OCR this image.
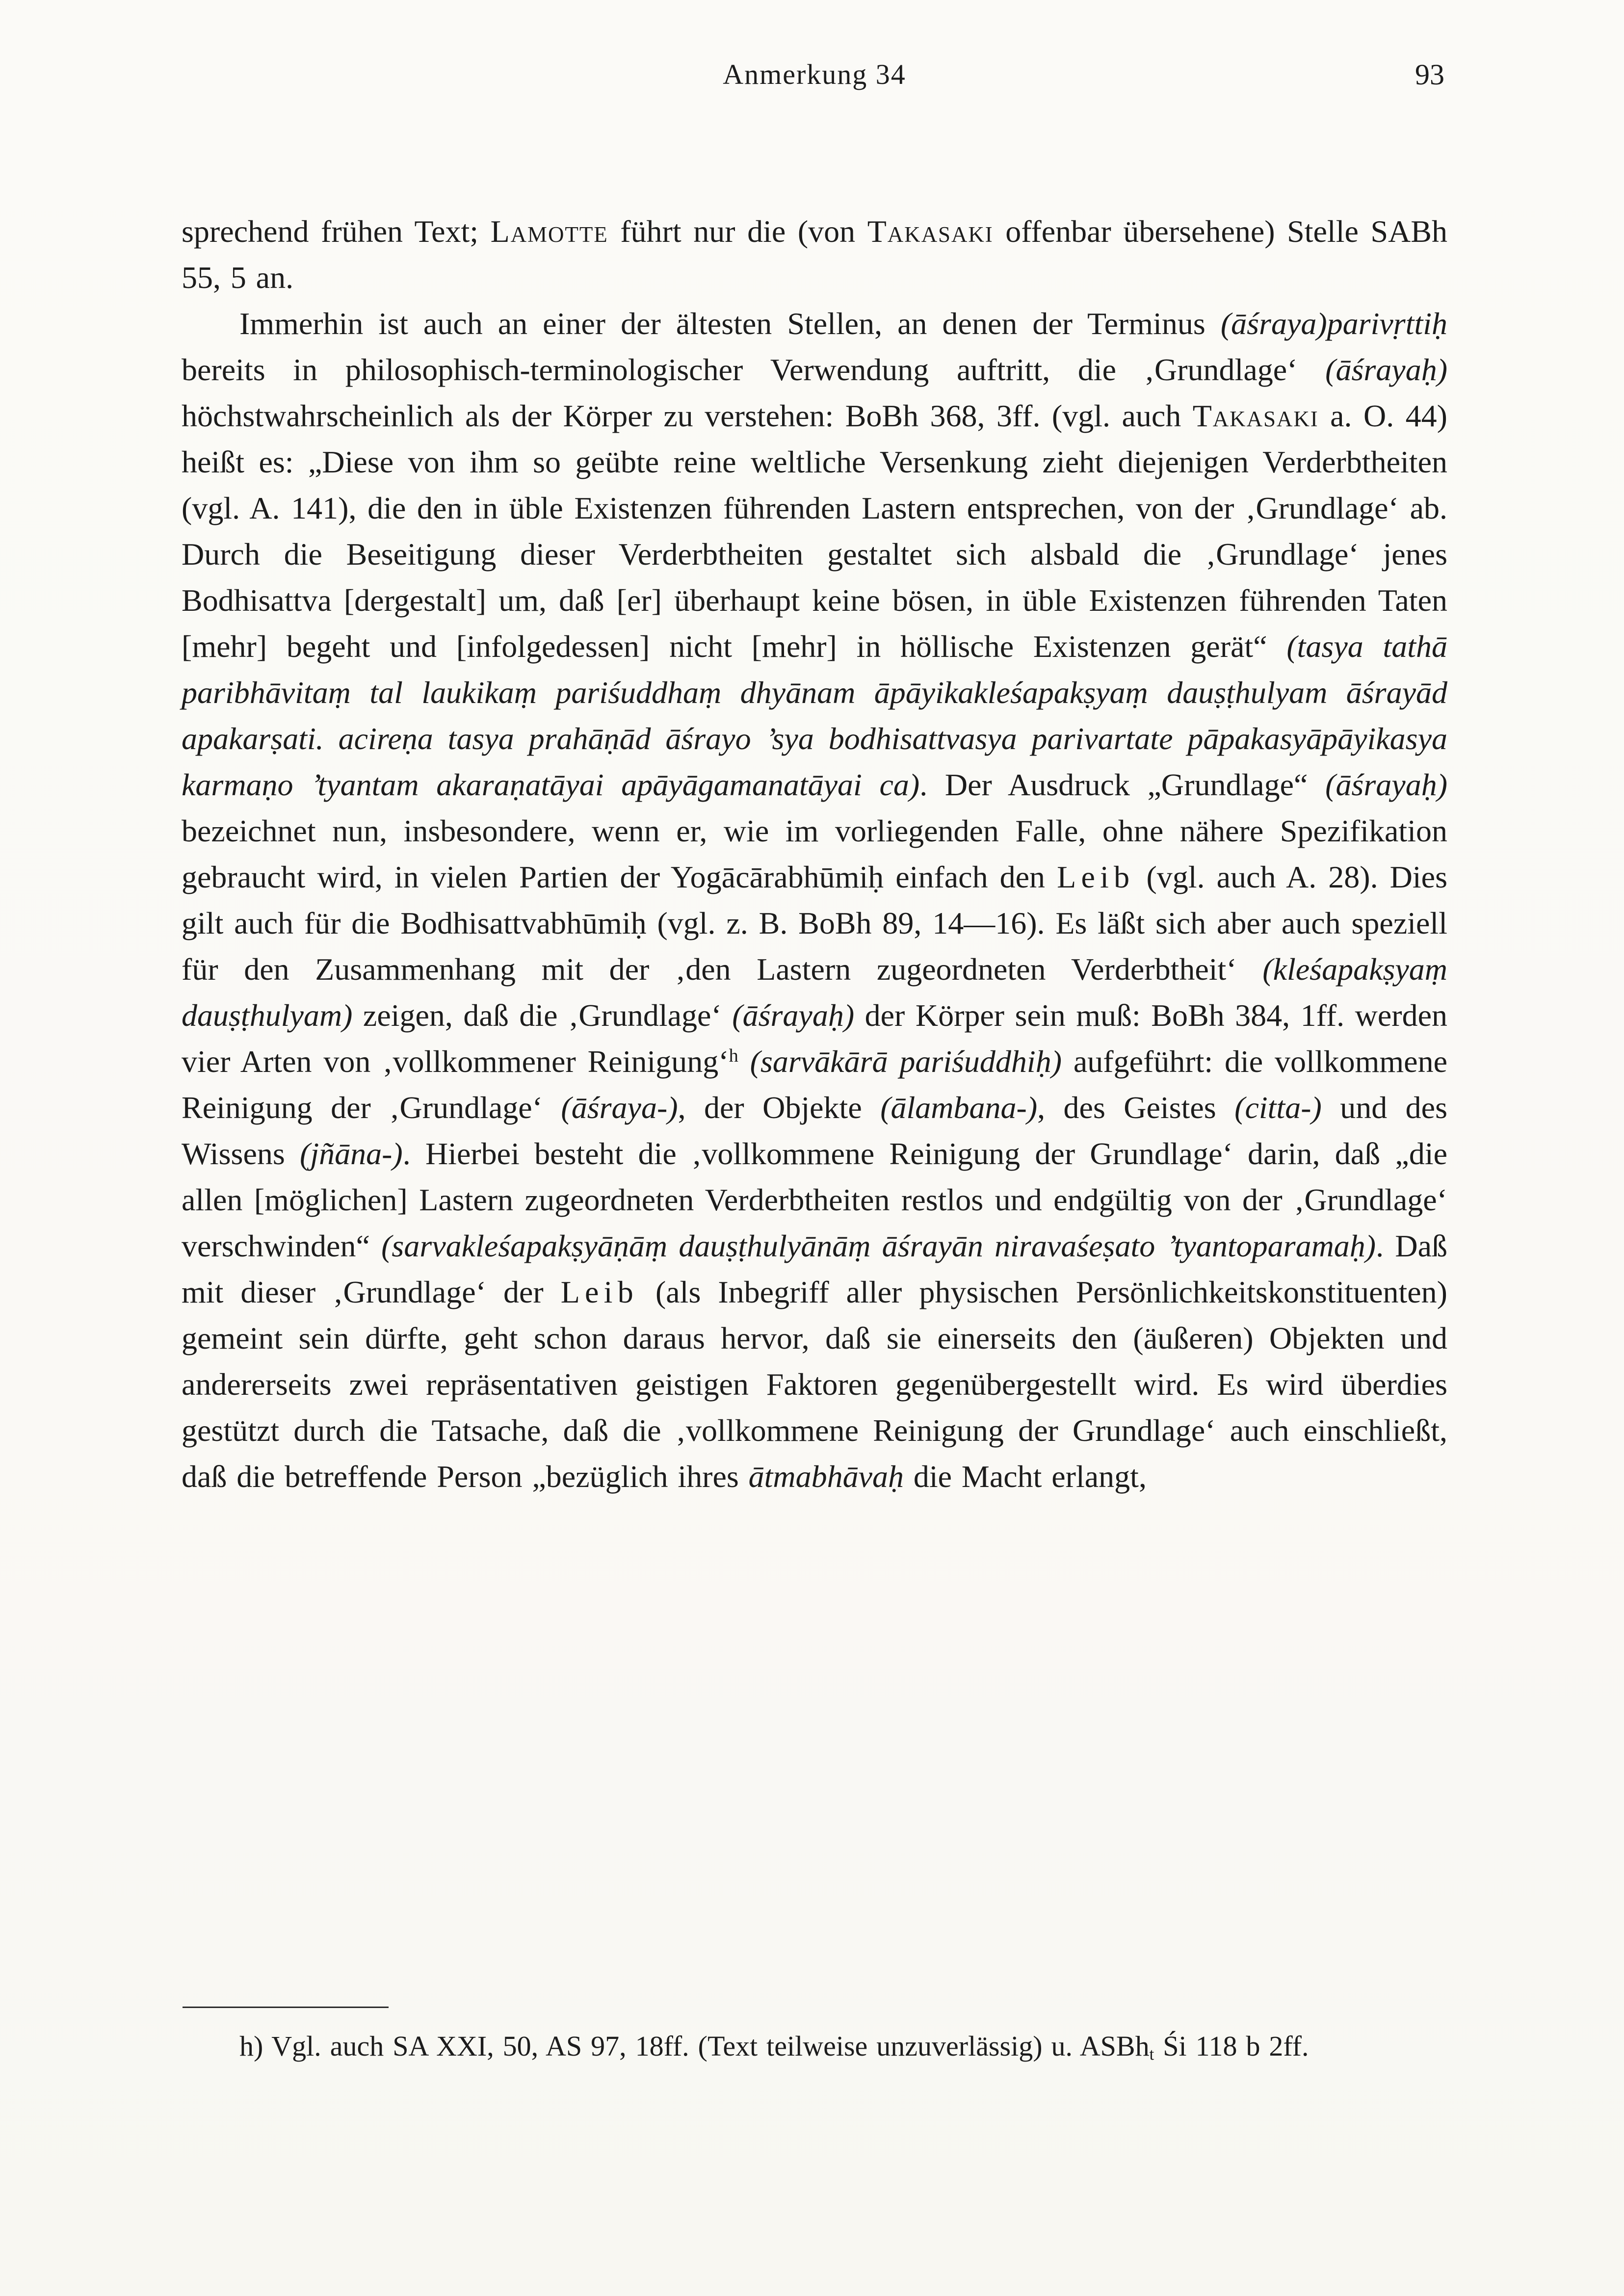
Anmerkung 34	93

sprechend frühen Text; Lamotte führt nur die (von Takasaki offenbar übersehene) Stelle SABh 55, 5 an.

Immerhin ist auch an einer der ältesten Stellen, an denen der Terminus (āśraya)parivṛttiḥ bereits in philosophisch-terminologischer Verwendung auftritt, die ‚Grundlage‘ (āśrayaḥ) höchstwahrscheinlich als der Körper zu verstehen: BoBh 368, 3ff. (vgl. auch Takasaki a. O. 44) heißt es: „Diese von ihm so geübte reine weltliche Versenkung zieht diejenigen Verderbtheiten (vgl. A. 141), die den in üble Existenzen führenden Lastern entsprechen, von der ‚Grundlage‘ ab. Durch die Beseitigung dieser Verderbtheiten gestaltet sich alsbald die ‚Grundlage‘ jenes Bodhisattva [dergestalt] um, daß [er] überhaupt keine bösen, in üble Existenzen führenden Taten [mehr] begeht und [infolgedessen] nicht [mehr] in höllische Existenzen gerät“ (tasya tathā paribhāvitaṃ tal laukikaṃ pariśuddhaṃ dhyānam āpāyikakleśapakṣyaṃ dauṣṭhulyam āśrayād apakarṣati. acireṇa tasya prahāṇād āśrayo ’sya bodhisattvasya parivartate pāpakasyāpāyikasya karmaṇo ’tyantam akaraṇatāyai apāyāgamanatāyai ca). Der Ausdruck „Grundlage“ (āśrayaḥ) bezeichnet nun, insbesondere, wenn er, wie im vorliegenden Falle, ohne nähere Spezifikation gebraucht wird, in vielen Partien der Yogācārabhūmiḥ einfach den Leib (vgl. auch A. 28). Dies gilt auch für die Bodhisattvabhūmiḥ (vgl. z. B. BoBh 89, 14—16). Es läßt sich aber auch speziell für den Zusammenhang mit der ‚den Lastern zugeordneten Verderbtheit‘ (kleśapakṣyaṃ dauṣṭhulyam) zeigen, daß die ‚Grundlage‘ (āśrayaḥ) der Körper sein muß: BoBh 384, 1ff. werden vier Arten von ‚vollkommener Reinigung‘$^h$ (sarvākārā pariśuddhiḥ) aufgeführt: die vollkommene Reinigung der ‚Grundlage‘ (āśraya-), der Objekte (ālambana-), des Geistes (citta-) und des Wissens (jñāna-). Hierbei besteht die ‚vollkommene Reinigung der Grundlage‘ darin, daß „die allen [möglichen] Lastern zugeordneten Verderbtheiten restlos und endgültig von der ‚Grundlage‘ verschwinden“ (sarvakleśapakṣyāṇāṃ dauṣṭhulyānāṃ āśrayān niravaśeṣato ’tyantoparamaḥ). Daß mit dieser ‚Grundlage‘ der Leib (als Inbegriff aller physischen Persönlichkeitskonstituenten) gemeint sein dürfte, geht schon daraus hervor, daß sie einerseits den (äußeren) Objekten und andererseits zwei repräsentativen geistigen Faktoren gegenübergestellt wird. Es wird überdies gestützt durch die Tatsache, daß die ‚vollkommene Reinigung der Grundlage‘ auch einschließt, daß die betreffende Person „bezüglich ihres ātmabhāvaḥ die Macht erlangt,

h) Vgl. auch SA XXI, 50, AS 97, 18ff. (Text teilweise unzuverlässig) u. ASBh$_t$ Śi 118 b 2ff.
